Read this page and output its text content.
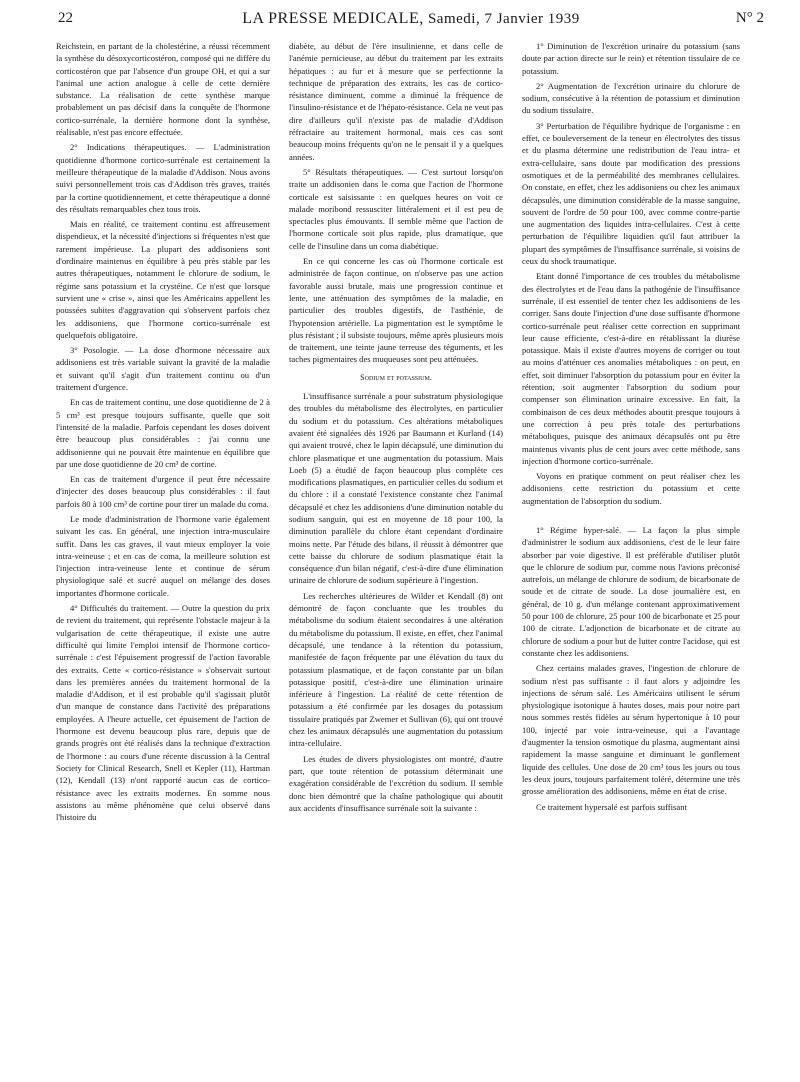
22	LA PRESSE MEDICALE, Samedi, 7 Janvier 1939	N° 2

Reichstein, en partant de la cholestérine, a réussi récemment la synthèse du désoxycorticostéron, composé qui ne diffère du corticostéron que par l'absence d'un groupe OH, et qui a sur l'animal une action analogue à celle de cette dernière substance. La réalisation de cette synthèse marque probablement un pas décisif dans la conquête de l'hormone cortico-surrénale, la dernière hormone dont la synthèse, réalisable, n'est pas encore effectuée.

2° Indications thérapeutiques. — L'administration quotidienne d'hormone cortico-surrénale est certainement la meilleure thérapeutique de la maladie d'Addison. Nous avons suivi personnellement trois cas d'Addison très graves, traités par la cortine quotidiennement, et cette thérapeutique a donné des résultats remarquables chez tous trois.

Mais en réalité, ce traitement continu est affreusement dispendieux, et la nécessité d'injections si fréquentes n'est que rarement impérieuse. La plupart des addisoniens sont d'ordinaire maintenus en équilibre à peu près stable par les autres thérapeutiques, notamment le chlorure de sodium, le régime sans potassium et la crystéine. Ce n'est que lorsque survient une « crise », ainsi que les Américains appellent les poussées subites d'aggravation qui s'observent parfois chez les addisoniens, que l'hormone cortico-surrénale est quelquefois obligatoire.

3° Posologie. — La dose d'hormone nécessaire aux addisoniens est très variable suivant la gravité de la maladie et suivant qu'il s'agit d'un traitement continu ou d'un traitement d'urgence.

En cas de traitement continu, une dose quotidienne de 2 à 5 cm³ est presque toujours suffisante, quelle que soit l'intensité de la maladie. Parfois cependant les doses doivent être beaucoup plus considérables : j'ai connu une addisonienne qui ne pouvait être maintenue en équilibre que par une dose quotidienne de 20 cm³ de cortine.

En cas de traitement d'urgence il peut être nécessaire d'injecter des doses beaucoup plus considérables : il faut parfois 80 à 100 cm³ de cortine pour tirer un malade du coma.

Le mode d'administration de l'hormone varie également suivant les cas. En général, une injection intra-musculaire suffit. Dans les cas graves, il vaut mieux employer la voie intra-veineuse ; et en cas de coma, la meilleure solution est l'injection intra-veineuse lente et continue de sérum physiologique salé et sucré auquel on mélange des doses importantes d'hormone corticale.

4° Difficultés du traitement. — Outre la question du prix de revient du traitement, qui représente l'obstacle majeur à la vulgarisation de cette thérapeutique, il existe une autre difficulté qui limite l'emploi intensif de l'hormone cortico-surrénale : c'est l'épuisement progressif de l'action favorable des extraits. Cette « cortico-résistance » s'observait surtout dans les premières années du traitement hormonal de la maladie d'Addison, et il est probable qu'il s'agissait plutôt d'un manque de constance dans l'activité des préparations employées. A l'heure actuelle, cet épuisement de l'action de l'hormone est devenu beaucoup plus rare, depuis que de grands progrès ont été réalisés dans la technique d'extraction de l'hormone : au cours d'une récente discussion à la Central Society for Clinical Research, Snell et Kepler (11), Hartman (12), Kendall (13) n'ont rapporté aucun cas de cortico-résistance avec les extraits modernes. En somme nous assistons au même phénomène que celui observé dans l'histoire du

diabète, au début de l'ère insulinienne, et dans celle de l'anémie pernicieuse, au début du traitement par les extraits hépatiques : au fur et à mesure que se perfectionne la technique de préparation des extraits, les cas de cortico-résistance diminuent, comme a diminué la fréquence de l'insulino-résistance et de l'hépato-résistance. Cela ne veut pas dire d'ailleurs qu'il n'existe pas de maladie d'Addison réfractaire au traitement hormonal, mais ces cas sont beaucoup moins fréquents qu'on ne le pensait il y a quelques années.

5° Résultats thérapeutiques. — C'est surtout lorsqu'on traite un addisonien dans le coma que l'action de l'hormone corticale est saisissante : en quelques heures on voit ce malade moribond ressusciter littéralement et il est peu de spectacles plus émouvants. Il semble même que l'action de l'hormone corticale soit plus rapide, plus dramatique, que celle de l'insuline dans un coma diabétique.

En ce qui concerne les cas où l'hormone corticale est administrée de façon continue, on n'observe pas une action favorable aussi brutale, mais une progression continue et lente, une atténuation des symptômes de la maladie, en particulier des troubles digestifs, de l'asthénie, de l'hypotension artérielle. La pigmentation est le symptôme le plus résistant ; il subsiste toujours, même après plusieurs mois de traitement, une teinte jaune terreuse des téguments, et les taches pigmentaires des muqueuses sont peu atténuées.

Sodium et potassium.

L'insuffisance surrénale a pour substratum physiologique des troubles du métabolisme des électrolytes, en particulier du sodium et du potassium. Ces altérations métaboliques avaient été signalées dès 1926 par Baumann et Kurland (14) qui avaient trouvé, chez le lapin décapsulé, une diminution du chlore plasmatique et une augmentation du potassium. Mais Loeb (5) a étudié de façon beaucoup plus complète ces modifications plasmatiques, en particulier celles du sodium et du chlore : il a constaté l'existence constante chez l'animal décapsulé et chez les addisoniens d'une diminution notable du sodium sanguin, qui est en moyenne de 18 pour 100, la diminution parallèle du chlore étant cependant d'ordinaire moins nette. Par l'étude des bilans, il réussit à démontrer que cette baisse du chlorure de sodium plasmatique était la conséquence d'un bilan négatif, c'est-à-dire d'une élimination urinaire de chlorure de sodium supérieure à l'ingestion.

Les recherches ultérieures de Wilder et Kendall (8) ont démontré de façon concluante que les troubles du métabolisme du sodium étaient secondaires à une altération du métabolisme du potassium. Il existe, en effet, chez l'animal décapsulé, une tendance à la rétention du potassium, manifestée de façon fréquente par une élévation du taux du potassium plasmatique, et de façon constante par un bilan potassique positif, c'est-à-dire une élimination urinaire inférieure à l'ingestion. La réalité de cette rétention de potassium a été confirmée par les dosages du potassium tissulaire pratiqués par Zwemer et Sullivan (6), qui ont trouvé chez les animaux décapsulés une augmentation du potassium intra-cellulaire.

Les études de divers physiologistes ont montré, d'autre part, que toute rétention de potassium déterminait une exagération considérable de l'excrétion du sodium. Il semble donc bien démontré que la chaîne pathologique qui aboutit aux accidents d'insuffisance surrénale soit la suivante :

1° Diminution de l'excrétion urinaire du potassium (sans doute par action directe sur le rein) et rétention tissulaire de ce potassium.

2° Augmentation de l'excrétion urinaire du chlorure de sodium, consécutive à la rétention de potassium et diminution du sodium tissulaire.

3° Perturbation de l'équilibre hydrique de l'organisme : en effet, ce bouleversement de la teneur en électrolytes des tissus et du plasma détermine une redistribution de l'eau intra- et extra-cellulaire, sans doute par modification des pressions osmotiques et de la perméabilité des membranes cellulaires. On constate, en effet, chez les addisoniens ou chez les animaux décapsulés, une diminution considérable de la masse sanguine, souvent de l'ordre de 50 pour 100, avec comme contre-partie une augmentation des liquides intra-cellulaires. C'est à cette perturbation de l'équilibre liquidien qu'il faut attribuer la plupart des symptômes de l'insuffisance surrénale, si voisins de ceux du shock traumatique.

Etant donné l'importance de ces troubles du métabolisme des électrolytes et de l'eau dans la pathogénie de l'insuffisance surrénale, il est essentiel de tenter chez les addisoniens de les corriger. Sans doute l'injection d'une dose suffisante d'hormone cortico-surrénale peut réaliser cette correction en supprimant leur cause efficiente, c'est-à-dire en rétablissant la diurèse potassique. Mais il existe d'autres moyens de corriger ou tout au moins d'atténuer ces anomalies métaboliques : on peut, en effet, soit diminuer l'absorption du potassium pour en éviter la rétention, soit augmenter l'absorption du sodium pour compenser son élimination urinaire excessive. En fait, la combinaison de ces deux méthodes aboutit presque toujours à une correction à peu près totale des perturbations métaboliques, puisque des animaux décapsulés ont pu être maintenus vivants plus de cent jours avec cette méthode, sans injection d'hormone cortico-surrénale.

Voyons en pratique comment on peut réaliser chez les addisoniens cette restriction du potassium et cette augmentation de l'absorption du sodium.

1° Régime hyper-salé. — La façon la plus simple d'administrer le sodium aux addisoniens, c'est de le leur faire absorber par voie digestive. Il est préférable d'utiliser plutôt que le chlorure de sodium pur, comme nous l'avions préconisé autrefois, un mélange de chlorure de sodium, de bicarbonate de soude et de citrate de soude. La dose journalière est, en général, de 10 g. d'un mélange contenant approximativement 50 pour 100 de chlorure, 25 pour 100 de bicarbonate et 25 pour 100 de citrate. L'adjonction de bicarbonate et de citrate au chlorure de sodium a pour but de lutter contre l'acidose, qui est constante chez les addisoniens.

Chez certains malades graves, l'ingestion de chlorure de sodium n'est pas suffisante : il faut alors y adjoindre les injections de sérum salé. Les Américains utilisent le sérum physiologique isotonique à hautes doses, mais pour notre part nous sommes restés fidèles au sérum hypertonique à 10 pour 100, injecté par voie intra-veineuse, qui a l'avantage d'augmenter la tension osmotique du plasma, augmentant ainsi rapidement la masse sanguine et diminuant le gonflement liquide des cellules. Une dose de 20 cm³ tous les jours ou tous les deux jours, toujours parfaitement toléré, détermine une très grosse amélioration des addisoniens, même en état de crise.

Ce traitement hypersalé est parfois suffisant
